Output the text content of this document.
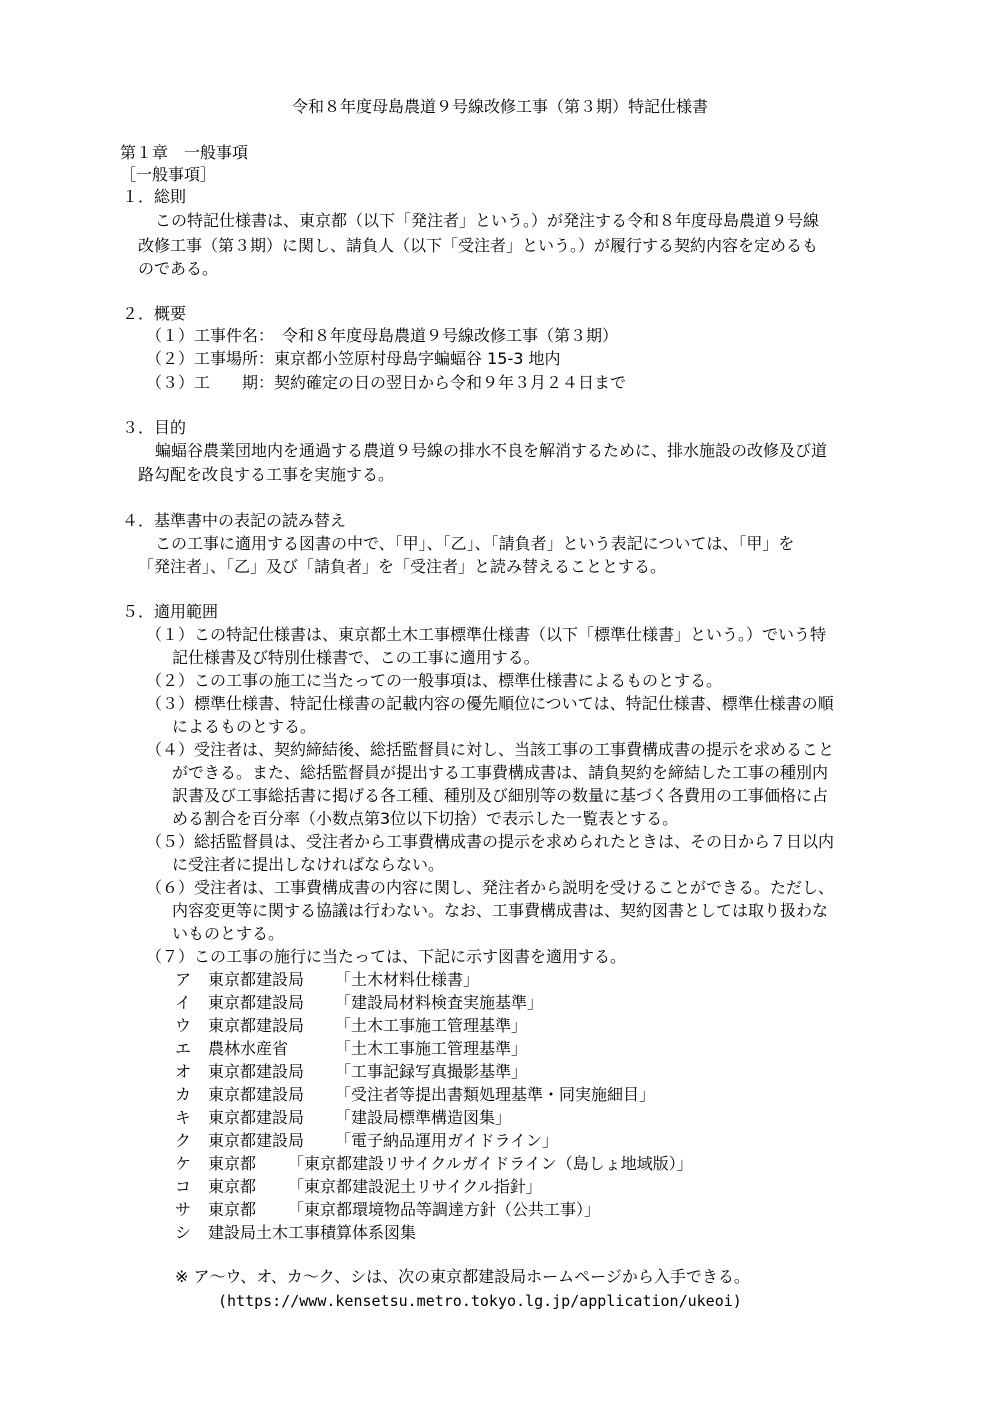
令和８年度母島農道９号線改修工事（第３期）特記仕様書
第１章　一般事項
［一般事項］
１．総則
この特記仕様書は、東京都（以下「発注者」という。）が発注する令和８年度母島農道９号線
改修工事（第３期）に関し、請負人（以下「受注者」という。）が履行する契約内容を定めるも
のである。
２．概要
（１）工事件名：　令和８年度母島農道９号線改修工事（第３期）
（２）工事場所：東京都小笠原村母島字蝙蝠谷 15-3 地内
（３）工　　期：契約確定の日の翌日から令和９年３月２４日まで
３．目的
蝙蝠谷農業団地内を通過する農道９号線の排水不良を解消するために、排水施設の改修及び道
路勾配を改良する工事を実施する。
４．基準書中の表記の読み替え
この工事に適用する図書の中で、「甲」、「乙」、「請負者」という表記については、「甲」を
「発注者」、「乙」及び「請負者」を「受注者」と読み替えることとする。
５．適用範囲
（１）この特記仕様書は、東京都土木工事標準仕様書（以下「標準仕様書」という。）でいう特
記仕様書及び特別仕様書で、この工事に適用する。
（２）この工事の施工に当たっての一般事項は、標準仕様書によるものとする。
（３）標準仕様書、特記仕様書の記載内容の優先順位については、特記仕様書、標準仕様書の順
によるものとする。
（４）受注者は、契約締結後、総括監督員に対し、当該工事の工事費構成書の提示を求めること
ができる。また、総括監督員が提出する工事費構成書は、請負契約を締結した工事の種別内
訳書及び工事総括書に掲げる各工種、種別及び細別等の数量に基づく各費用の工事価格に占
める割合を百分率（小数点第3位以下切捨）で表示した一覧表とする。
（５）総括監督員は、受注者から工事費構成書の提示を求められたときは、その日から７日以内
に受注者に提出しなければならない。
（６）受注者は、工事費構成書の内容に関し、発注者から説明を受けることができる。ただし、
内容変更等に関する協議は行わない。なお、工事費構成書は、契約図書としては取り扱わな
いものとする。
（７）この工事の施行に当たっては、下記に示す図書を適用する。
ア 東京都建設局 「土木材料仕様書」
イ 東京都建設局 「建設局材料検査実施基準」
ウ 東京都建設局 「土木工事施工管理基準」
エ 農林水産省	「土木工事施工管理基準」
オ 東京都建設局 「工事記録写真撮影基準」
カ 東京都建設局 「受注者等提出書類処理基準・同実施細目」
キ 東京都建設局 「建設局標準構造図集」
ク 東京都建設局 「電子納品運用ガイドライン」
ケ 東京都 「東京都建設リサイクルガイドライン（島しょ地域版）」
コ 東京都 「東京都建設泥土リサイクル指針」
サ 東京都 「東京都環境物品等調達方針（公共工事）」
シ 建設局土木工事積算体系図集
※ ア～ウ、オ、カ～ク、シは、次の東京都建設局ホームページから入手できる。
(https://www.kensetsu.metro.tokyo.lg.jp/application/ukeoi)
